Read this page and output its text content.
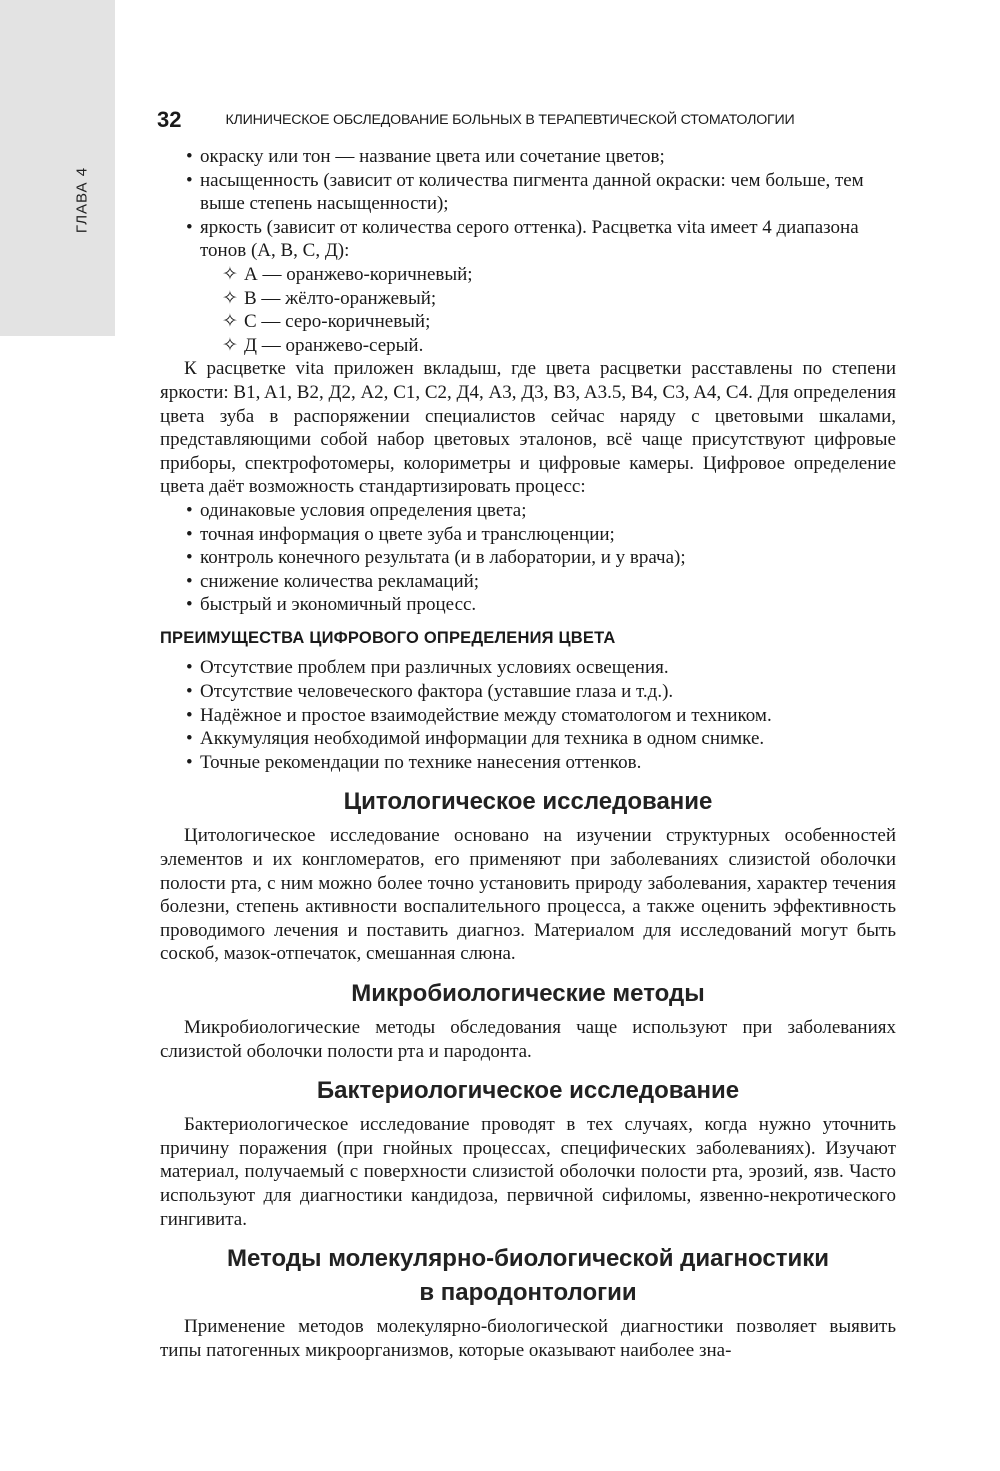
ГЛАВА 4
32	КЛИНИЧЕСКОЕ ОБСЛЕДОВАНИЕ БОЛЬНЫХ В ТЕРАПЕВТИЧЕСКОЙ СТОМАТОЛОГИИ
• окраску или тон — название цвета или сочетание цветов;
• насыщенность (зависит от количества пигмента данной окраски: чем больше, тем выше степень насыщенности);
• яркость (зависит от количества серого оттенка). Расцветка vita имеет 4 диапазона тонов (А, В, С, Д):
✧ А — оранжево-коричневый;
✧ В — жёлто-оранжевый;
✧ С — серо-коричневый;
✧ Д — оранжево-серый.

К расцветке vita приложен вкладыш, где цвета расцветки расставлены по степени яркости: B1, A1, B2, Д2, A2, C1, C2, Д4, A3, Д3, B3, A3.5, B4, C3, A4, C4. Для определения цвета зуба в распоряжении специалистов сейчас наряду с цветовыми шкалами, представляющими собой набор цветовых эталонов, всё чаще присутствуют цифровые приборы, спектрофотомеры, колориметры и цифровые камеры. Цифровое определение цвета даёт возможность стандартизировать процесс:

• одинаковые условия определения цвета;
• точная информация о цвете зуба и транслюценции;
• контроль конечного результата (и в лаборатории, и у врача);
• снижение количества рекламаций;
• быстрый и экономичный процесс.
ПРЕИМУЩЕСТВА ЦИФРОВОГО ОПРЕДЕЛЕНИЯ ЦВЕТА
• Отсутствие проблем при различных условиях освещения.
• Отсутствие человеческого фактора (уставшие глаза и т.д.).
• Надёжное и простое взаимодействие между стоматологом и техником.
• Аккумуляция необходимой информации для техника в одном снимке.
• Точные рекомендации по технике нанесения оттенков.
Цитологическое исследование

Цитологическое исследование основано на изучении структурных особенностей элементов и их конгломератов, его применяют при заболеваниях слизистой оболочки полости рта, с ним можно более точно установить природу заболевания, характер течения болезни, степень активности воспалительного процесса, а также оценить эффективность проводимого лечения и поставить диагноз. Материалом для исследований могут быть соскоб, мазок-отпечаток, смешанная слюна.

Микробиологические методы

Микробиологические методы обследования чаще используют при заболеваниях слизистой оболочки полости рта и пародонта.

Бактериологическое исследование

Бактериологическое исследование проводят в тех случаях, когда нужно уточнить причину поражения (при гнойных процессах, специфических заболеваниях). Изучают материал, получаемый с поверхности слизистой оболочки полости рта, эрозий, язв. Часто используют для диагностики кандидоза, первичной сифиломы, язвенно-некротического гингивита.

Методы молекулярно-биологической диагностики
в пародонтологии

Применение методов молекулярно-биологической диагностики позволяет выявить типы патогенных микроорганизмов, которые оказывают наиболее зна-
